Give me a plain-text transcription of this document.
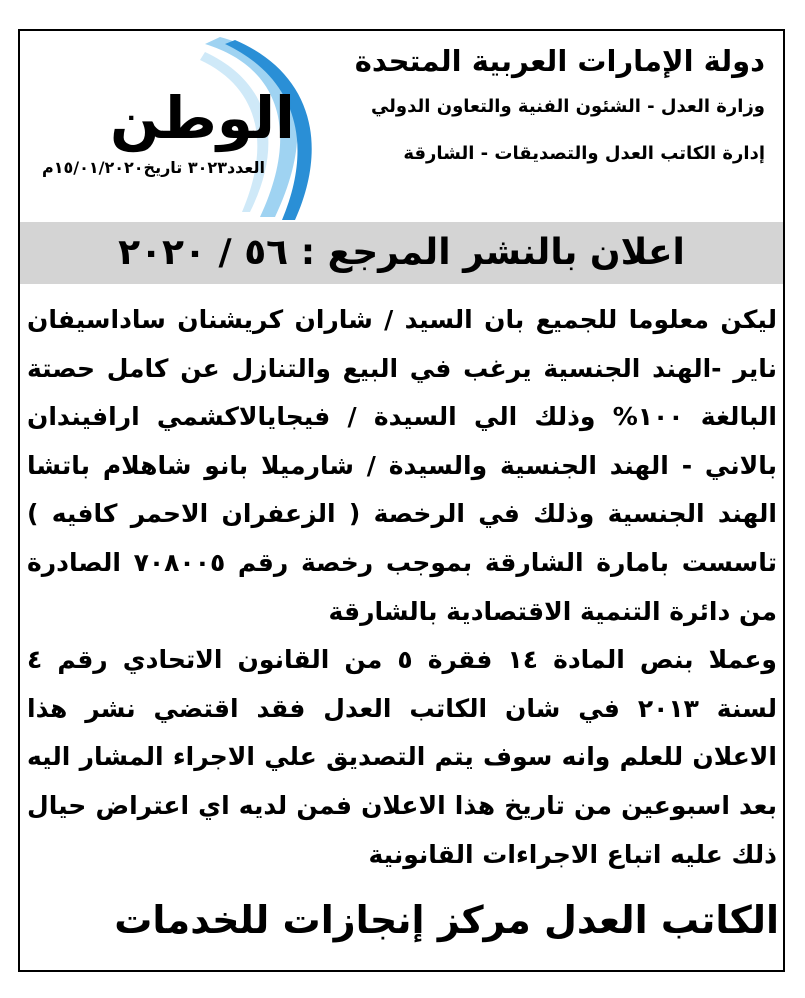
دولة الإمارات العربية المتحدة
وزارة العدل - الشئون الفنية والتعاون الدولي
إدارة الكاتب العدل والتصديقات - الشارقة
الوطن
العدد٣٠٢٣ تاريخ١٥/٠١/٢٠٢٠م
اعلان بالنشر المرجع : ٥٦ / ٢٠٢٠

ليكن معلوما للجميع بان السيد / شاران كريشنان ساداسيفان ناير -الهند الجنسية يرغب في البيع والتنازل عن كامل حصتة البالغة ١٠٠% وذلك الي السيدة / فيجايالاكشمي ارافيندان بالاني - الهند الجنسية والسيدة / شارميلا بانو شاهلام باتشا الهند الجنسية وذلك في الرخصة ( الزعفران الاحمر كافيه ) تاسست بامارة الشارقة بموجب رخصة رقم ٧٠٨٠٠٥ الصادرة من دائرة التنمية الاقتصادية بالشارقة

وعملا بنص المادة ١٤ فقرة ٥ من القانون الاتحادي رقم ٤ لسنة ٢٠١٣ في شان الكاتب العدل فقد اقتضي نشر هذا الاعلان للعلم وانه سوف يتم التصديق علي الاجراء المشار اليه بعد اسبوعين من تاريخ هذا الاعلان فمن لديه اي اعتراض حيال ذلك عليه اتباع الاجراءات القانونية

الكاتب العدل مركز إنجازات للخدمات
